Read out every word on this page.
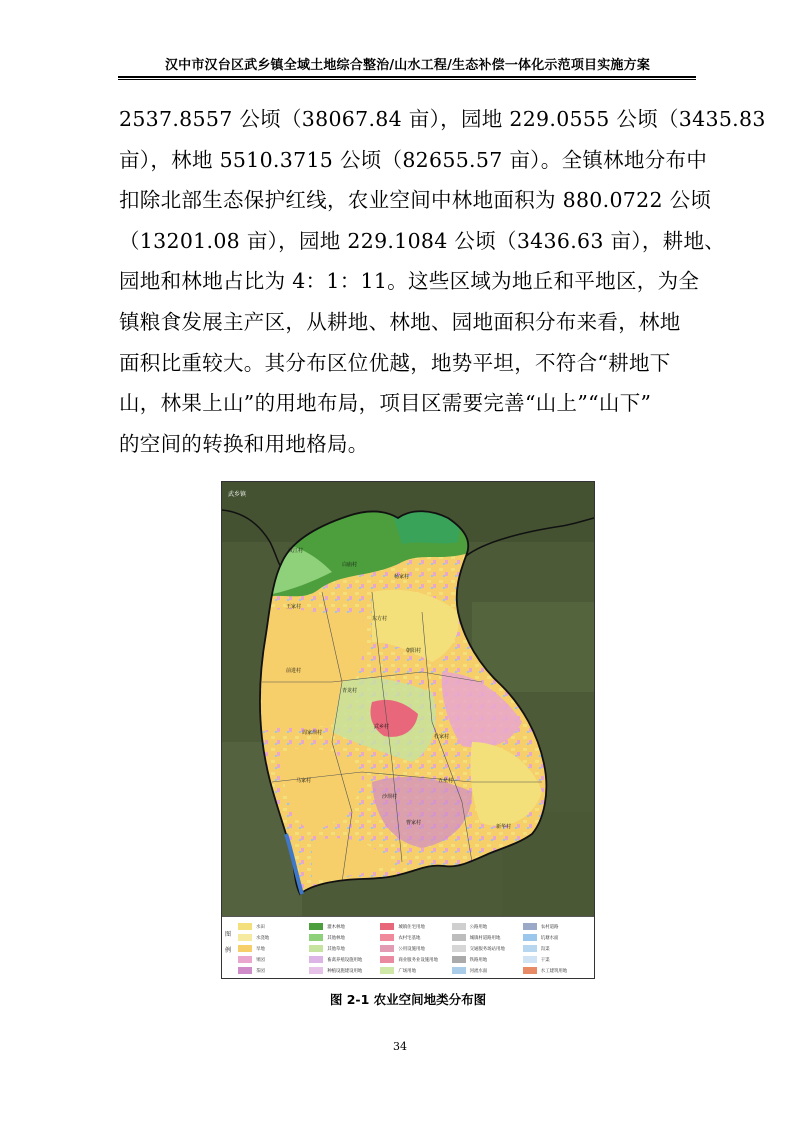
汉中市汉台区武乡镇全域土地综合整治/山水工程/生态补偿一体化示范项目实施方案

2537.8557 公顷（38067.84 亩），园地 229.0555 公顷（3435.83

亩），林地 5510.3715 公顷（82655.57 亩）。全镇林地分布中

扣除北部生态保护红线，农业空间中林地面积为 880.0722 公顷

（13201.08 亩），园地 229.1084 公顷（3436.63 亩），耕地、

园地和林地占比为 4：1：11。这些区域为地丘和平地区，为全

镇粮食发展主产区，从耕地、林地、园地面积分布来看，林地

面积比重较大。其分布区位优越，地势平坦，不符合“耕地下

山，林果上山”的用地布局，项目区需要完善“山上”“山下”

的空间的转换和用地格局。

武乡镇
汉江村
白庙村
杨家村
王家村
东方村
朝阳村
前进村
周家坝村
武乡村
青龙村
杜家村
马家村
沙坝村
五星村
曹家村
新华村
图例
水田	灌木林地	城镇住宅用地	公路用地	农村道路
水浇地	其他林地	农村宅基地	城镇村道路用地	坑塘水面
旱地	其他草地	公用设施用地	交通服务场站用地	沟渠
果园	畜禽养殖设施用地	商业服务业设施用地	铁路用地	干渠
茶园	种植设施建设用地	广场用地	河流水面	水工建筑用地
图 2-1 农业空间地类分布图
34
